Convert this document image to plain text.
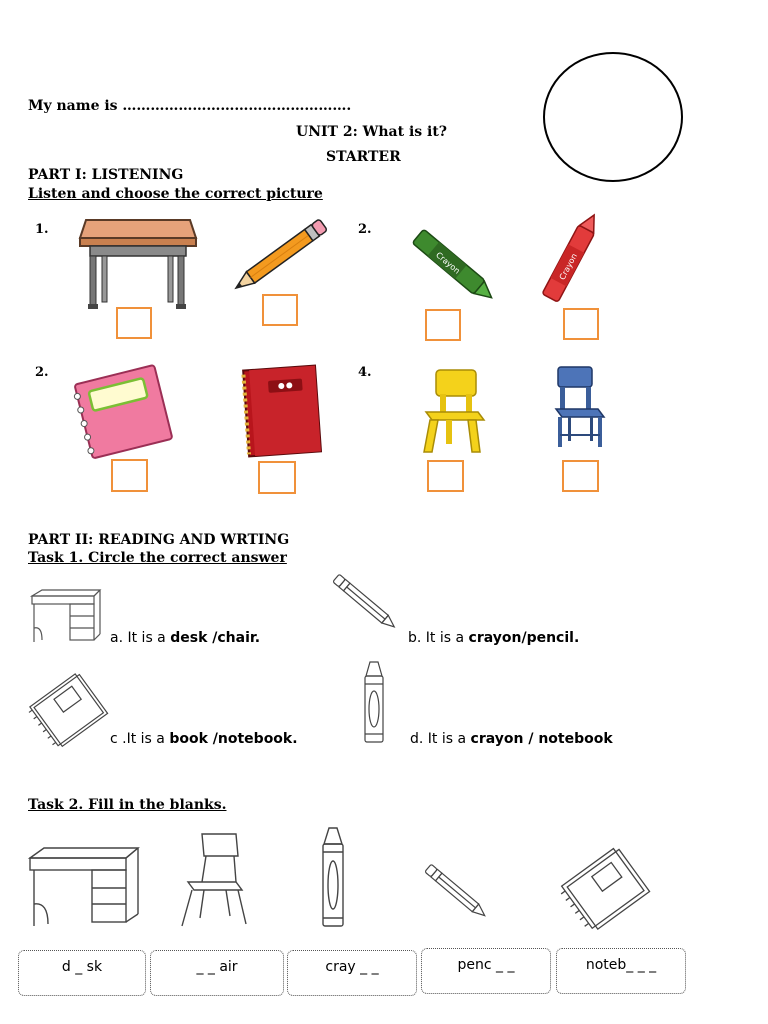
My name is ………………………………………….
UNIT 2: What is it?
STARTER
PART I: LISTENING
Listen and choose the correct picture
1.	2.
2.	4.
Crayon	Crayon
PART II: READING AND WRTING
Task 1. Circle the correct answer
a. It is a desk /chair.	b. It is a crayon/pencil.
c .It is a book /notebook.	d. It is a crayon / notebook
Task 2. Fill in the blanks.
d _ sk	_ _ air	cray _ _	penc _ _	noteb_ _ _
